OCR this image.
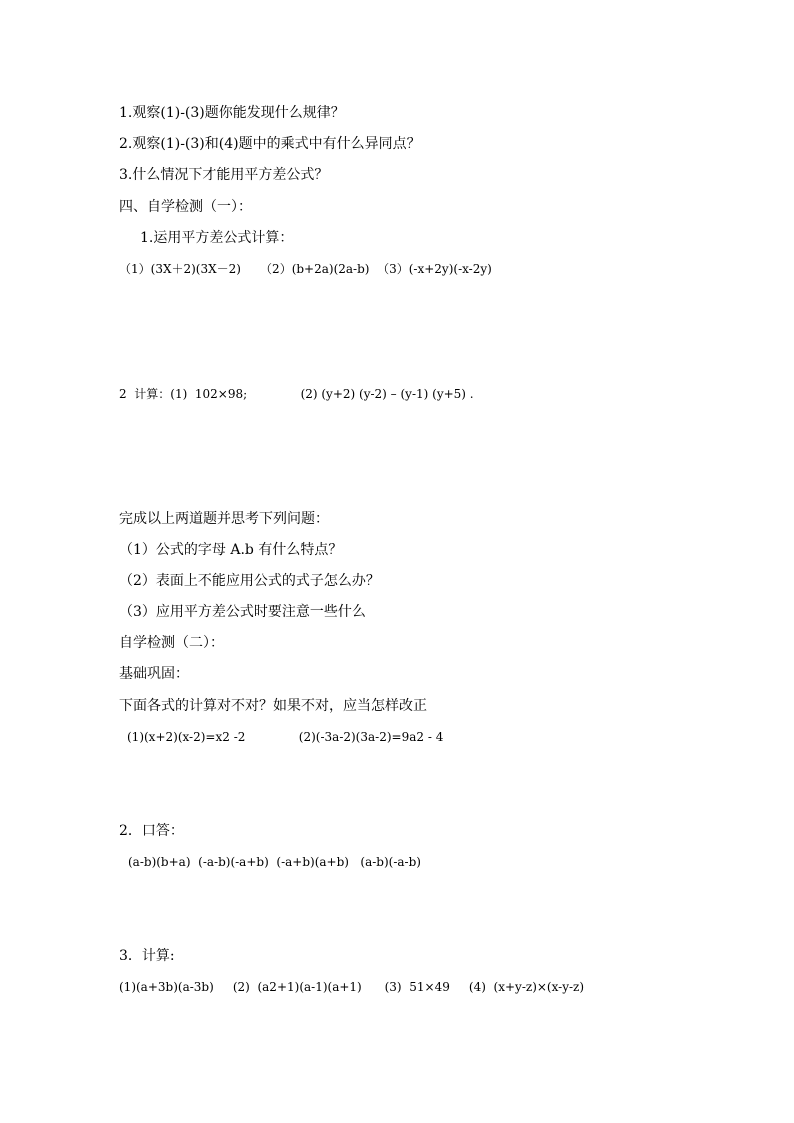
1.观察(1)-(3)题你能发现什么规律？
2.观察(1)-(3)和(4)题中的乘式中有什么异同点？
3.什么情况下才能用平方差公式？
四、自学检测（一）：
1.运用平方差公式计算：
（1）(3X＋2)(3X－2)     （2）(b+2a)(2a-b)  （3）(-x+2y)(-x-2y)
2  计算：(1)  102×98;              (2) (y+2) (y-2) – (y-1) (y+5) .
完成以上两道题并思考下列问题：
（1）公式的字母 A.b 有什么特点？
（2）表面上不能应用公式的式子怎么办？
（3）应用平方差公式时要注意一些什么
自学检测（二）：
基础巩固：
下面各式的计算对不对？如果不对，应当怎样改正
(1)(x+2)(x-2)=x2 -2              (2)(-3a-2)(3a-2)=9a2 - 4
2．口答：
(a-b)(b+a)  (-a-b)(-a+b)  (-a+b)(a+b)   (a-b)(-a-b)
3．计算:
(1)(a+3b)(a-3b)     (2)  (a2+1)(a-1)(a+1)      (3)  51×49     (4)  (x+y-z)×(x-y-z)
